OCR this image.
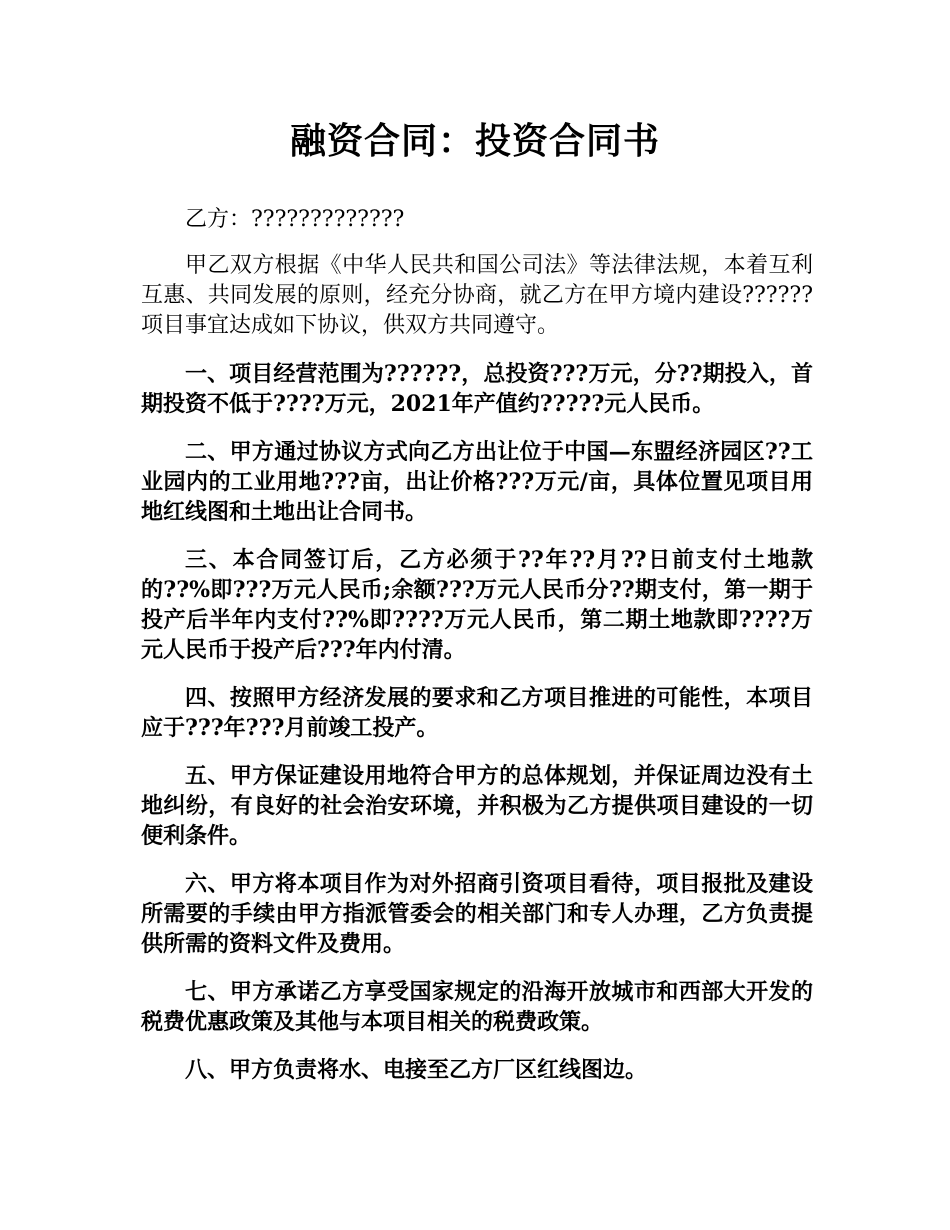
融资合同：投资合同书

乙方：?????????????

甲乙双方根据《中华人民共和国公司法》等法律法规，本着互利互惠、共同发展的原则，经充分协商，就乙方在甲方境内建设??????项目事宜达成如下协议，供双方共同遵守。

一、项目经营范围为??????，总投资???万元，分??期投入，首期投资不低于????万元，2021年产值约?????元人民币。

二、甲方通过协议方式向乙方出让位于中国—东盟经济园区??工业园内的工业用地???亩，出让价格???万元/亩，具体位置见项目用地红线图和土地出让合同书。

三、本合同签订后，乙方必须于??年??月??日前支付土地款的??%即???万元人民币;余额???万元人民币分??期支付，第一期于投产后半年内支付??%即????万元人民币，第二期土地款即????万元人民币于投产后???年内付清。

四、按照甲方经济发展的要求和乙方项目推进的可能性，本项目应于???年???月前竣工投产。

五、甲方保证建设用地符合甲方的总体规划，并保证周边没有土地纠纷，有良好的社会治安环境，并积极为乙方提供项目建设的一切便利条件。

六、甲方将本项目作为对外招商引资项目看待，项目报批及建设所需要的手续由甲方指派管委会的相关部门和专人办理，乙方负责提供所需的资料文件及费用。

七、甲方承诺乙方享受国家规定的沿海开放城市和西部大开发的税费优惠政策及其他与本项目相关的税费政策。

八、甲方负责将水、电接至乙方厂区红线图边。
